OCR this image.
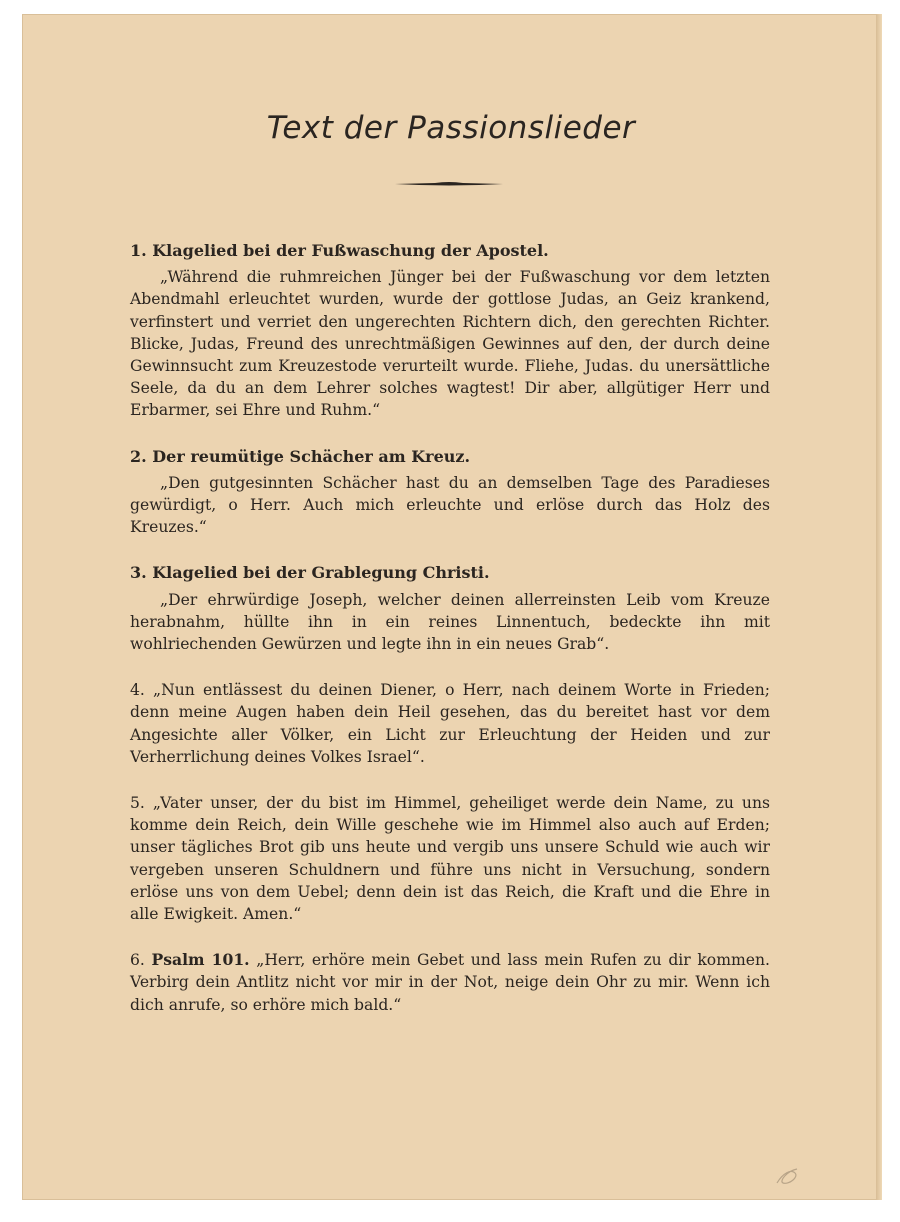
Text der Passionslieder
1. Klagelied bei der Fußwaschung der Apostel.
„Während die ruhmreichen Jünger bei der Fußwaschung vor dem letzten Abendmahl erleuchtet wurden, wurde der gottlose Judas, an Geiz krankend, verfinstert und verriet den ungerechten Richtern dich, den gerechten Richter. Blicke, Judas, Freund des unrechtmäßigen Gewinnes auf den, der durch deine Gewinnsucht zum Kreuzestode verurteilt wurde. Fliehe, Judas. du unersättliche Seele, da du an dem Lehrer solches wagtest! Dir aber, allgütiger Herr und Erbarmer, sei Ehre und Ruhm.“
2. Der reumütige Schächer am Kreuz.
„Den gutgesinnten Schächer hast du an demselben Tage des Paradieses gewürdigt, o Herr. Auch mich erleuchte und erlöse durch das Holz des Kreuzes.“
3. Klagelied bei der Grablegung Christi.
„Der ehrwürdige Joseph, welcher deinen allerreinsten Leib vom Kreuze herabnahm, hüllte ihn in ein reines Linnentuch, bedeckte ihn mit wohlriechenden Gewürzen und legte ihn in ein neues Grab“.
4. „Nun entlässest du deinen Diener, o Herr, nach deinem Worte in Frieden; denn meine Augen haben dein Heil gesehen, das du bereitet hast vor dem Angesichte aller Völker, ein Licht zur Erleuchtung der Heiden und zur Verherrlichung deines Volkes Israel“.
5. „Vater unser, der du bist im Himmel, geheiliget werde dein Name, zu uns komme dein Reich, dein Wille geschehe wie im Himmel also auch auf Erden; unser tägliches Brot gib uns heute und vergib uns unsere Schuld wie auch wir vergeben unseren Schuldnern und führe uns nicht in Versuchung, sondern erlöse uns von dem Uebel; denn dein ist das Reich, die Kraft und die Ehre in alle Ewigkeit. Amen.“
6. Psalm 101. „Herr, erhöre mein Gebet und lass mein Rufen zu dir kommen. Verbirg dein Antlitz nicht vor mir in der Not, neige dein Ohr zu mir. Wenn ich dich anrufe, so erhöre mich bald.“
